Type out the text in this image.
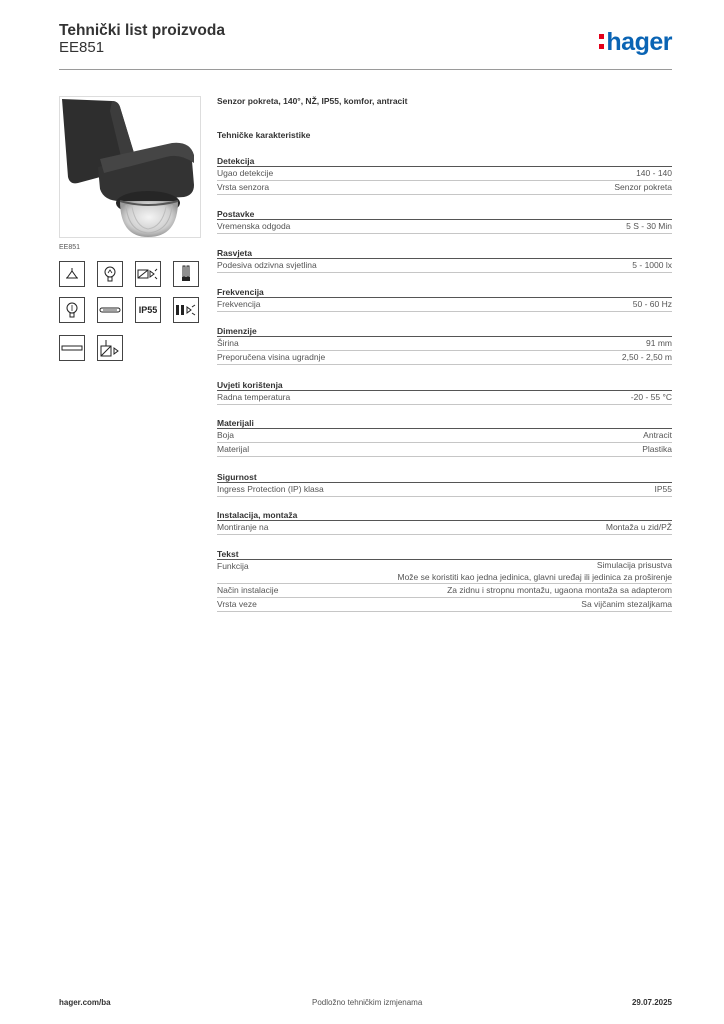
Tehnički list proizvoda
EE851	hager
EE851
IP55
Senzor pokreta, 140°, NŽ, IP55, komfor, antracit
Tehničke karakteristike
Detekcija
Ugao detekcije	140 - 140
Vrsta senzora	Senzor pokreta
Postavke
Vremenska odgoda	5 S - 30 Min
Rasvjeta
Podesiva odzivna svjetlina	5 - 1000 lx
Frekvencija
Frekvencija	50 - 60 Hz
Dimenzije
Širina	91 mm
Preporučena visina ugradnje	2,50 - 2,50 m
Uvjeti korištenja
Radna temperatura	-20 - 55 °C
Materijali
Boja	Antracit
Materijal	Plastika
Sigurnost
Ingress Protection (IP) klasa	IP55
Instalacija, montaža
Montiranje na	Montaža u zid/PŽ
Tekst
Funkcija	Simulacija prisustva
Može se koristiti kao jedna jedinica, glavni uređaj ili jedinica za proširenje
Način instalacije	Za zidnu i stropnu montažu, ugaona montaža sa adapterom
Vrsta veze	Sa vijčanim stezaljkama
hager.com/ba	Podložno tehničkim izmjenama	29.07.2025
